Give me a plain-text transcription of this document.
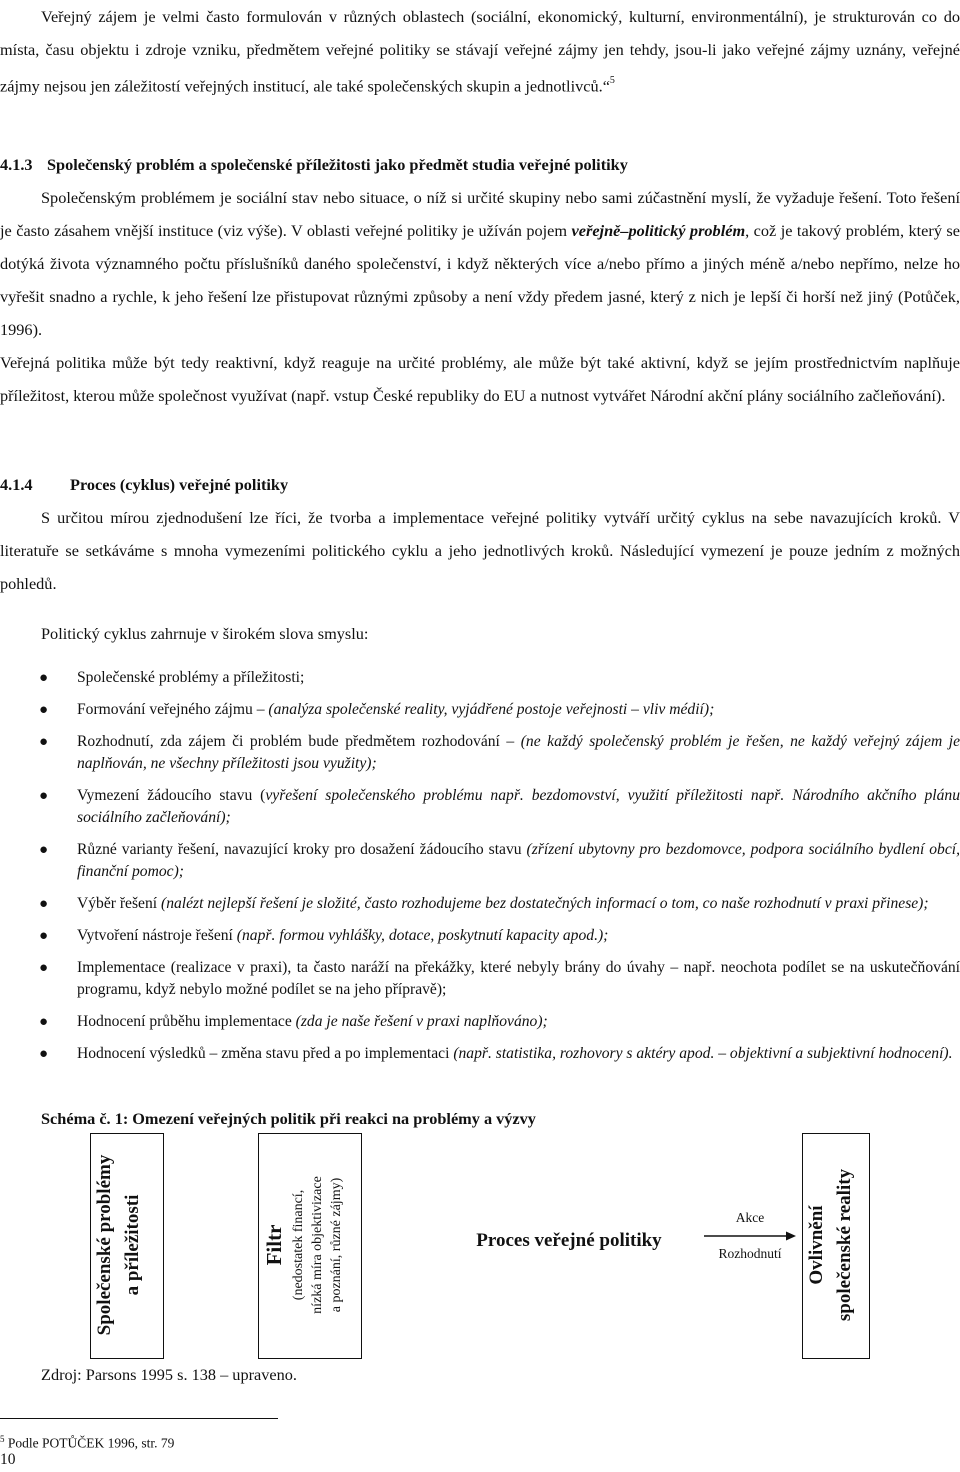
Veřejný zájem je velmi často formulován v různých oblastech (sociální, ekonomický, kulturní, environmentální), je strukturován co do místa, času objektu i zdroje vzniku, předmětem veřejné politiky se stávají veřejné zájmy jen tehdy, jsou-li jako veřejné zájmy uznány, veřejné zájmy nejsou jen záležitostí veřejných institucí, ale také společenských skupin a jednotlivců.“$^5$

4.1.3 Společenský problém a společenské příležitosti jako předmět studia veřejné politiky

Společenským problémem je sociální stav nebo situace, o níž si určité skupiny nebo sami zúčastnění myslí, že vyžaduje řešení. Toto řešení je často zásahem vnější instituce (viz výše). V oblasti veřejné politiky je užíván pojem veřejně–politický problém, což je takový problém, který se dotýká života významného počtu příslušníků daného společenství, i když některých více a/nebo přímo a jiných méně a/nebo nepřímo, nelze ho vyřešit snadno a rychle, k jeho řešení lze přistupovat různými způsoby a není vždy předem jasné, který z nich je lepší či horší než jiný (Potůček, 1996).

Veřejná politika může být tedy reaktivní, když reaguje na určité problémy, ale může být také aktivní, když se jejím prostřednictvím naplňuje příležitost, kterou může společnost využívat (např. vstup České republiky do EU a nutnost vytvářet Národní akční plány sociálního začleňování).

4.1.4 Proces (cyklus) veřejné politiky

S určitou mírou zjednodušení lze říci, že tvorba a implementace veřejné politiky vytváří určitý cyklus na sebe navazujících kroků. V literatuře se setkáváme s mnoha vymezeními politického cyklu a jeho jednotlivých kroků. Následující vymezení je pouze jedním z možných pohledů.

Politický cyklus zahrnuje v širokém slova smyslu:
● Společenské problémy a příležitosti;
● Formování veřejného zájmu – (analýza společenské reality, vyjádřené postoje veřejnosti – vliv médií);
● Rozhodnutí, zda zájem či problém bude předmětem rozhodování – (ne každý společenský problém je řešen, ne každý veřejný zájem je naplňován, ne všechny příležitosti jsou využity);
● Vymezení žádoucího stavu (vyřešení společenského problému např. bezdomovství, využití příležitosti např. Národního akčního plánu sociálního začleňování);
● Různé varianty řešení, navazující kroky pro dosažení žádoucího stavu (zřízení ubytovny pro bezdomovce, podpora sociálního bydlení obcí, finanční pomoc);
● Výběr řešení (nalézt nejlepší řešení je složité, často rozhodujeme bez dostatečných informací o tom, co naše rozhodnutí v praxi přinese);
● Vytvoření nástroje řešení (např. formou vyhlášky, dotace, poskytnutí kapacity apod.);
● Implementace (realizace v praxi), ta často naráží na překážky, které nebyly brány do úvahy – např. neochota podílet se na uskutečňování programu, když nebylo možné podílet se na jeho přípravě);
● Hodnocení průběhu implementace (zda je naše řešení v praxi naplňováno);
● Hodnocení výsledků – změna stavu před a po implementaci (např. statistika, rozhovory s aktéry apod. – objektivní a subjektivní hodnocení).
Schéma č. 1: Omezení veřejných politik při reakci na problémy a výzvy
Společenské problémy a příležitosti	Filtr (nedostatek financí, nízká míra objektivizace a poznání, různé zájmy)	Proces veřejné politiky
Akce
Rozhodnutí	Ovlivnění společenské reality
Zdroj: Parsons 1995 s. 138 – upraveno.
$^5$ Podle POTŮČEK 1996, str. 79
10
